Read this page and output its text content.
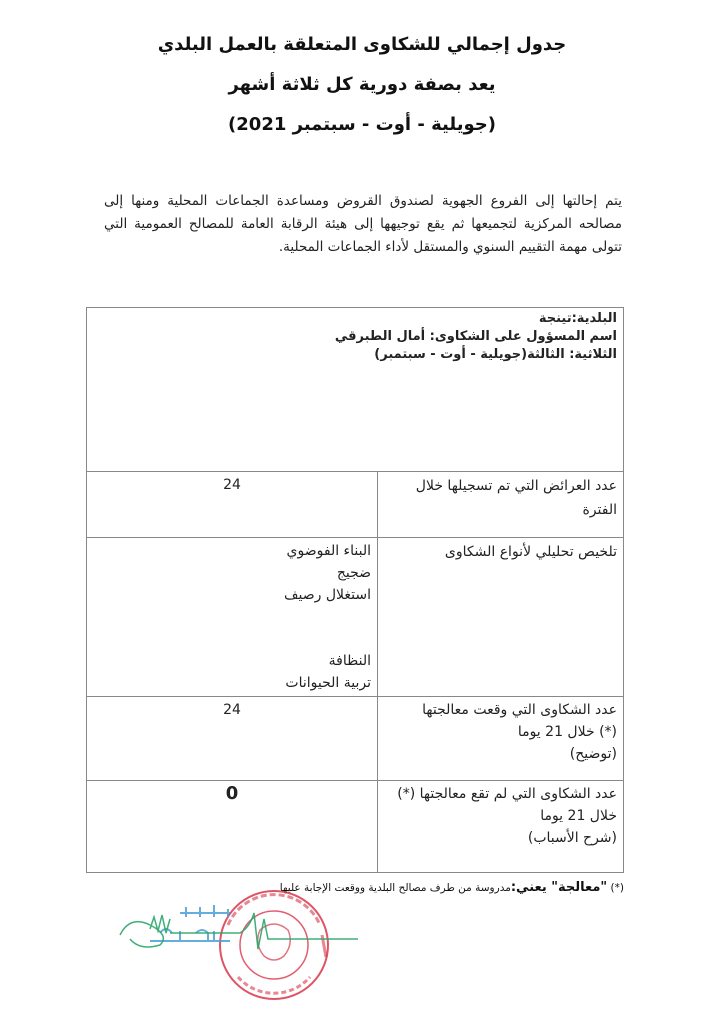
جدول إجمالي للشكاوى المتعلقة بالعمل البلدي
يعد بصفة دورية كل ثلاثة أشهر
(جويلية - أوت - سبتمبر 2021)
يتم إحالتها إلى الفروع الجهوية لصندوق القروض ومساعدة الجماعات المحلية ومنها إلى مصالحه المركزية لتجميعها ثم يقع توجيهها إلى هيئة الرقابة العامة للمصالح العمومية التي تتولى مهمة التقييم السنوي والمستقل لأداء الجماعات المحلية.
البلدية:تينجة
اسم المسؤول على الشكاوى: أمال الطبرقي
الثلاثية: الثالثة(جويلية - أوت - سبتمبر)	

عدد العرائض التي تم تسجيلها خلال الفترة	24
تلخيص تحليلي لأنواع الشكاوى	البناء الفوضوي
ضجيج
استغلال رصيف
النظافة
تربية الحيوانات

عدد الشكاوى التي وقعت معالجتها
(*) خلال 21 يوما
(توضيح)	24

عدد الشكاوى التي لم تقع معالجتها (*)
خلال 21 يوما
(شرح الأسباب)	0
(*) "معالجة" يعني:مدروسة من طرف مصالح البلدية ووقعت الإجابة عليها
